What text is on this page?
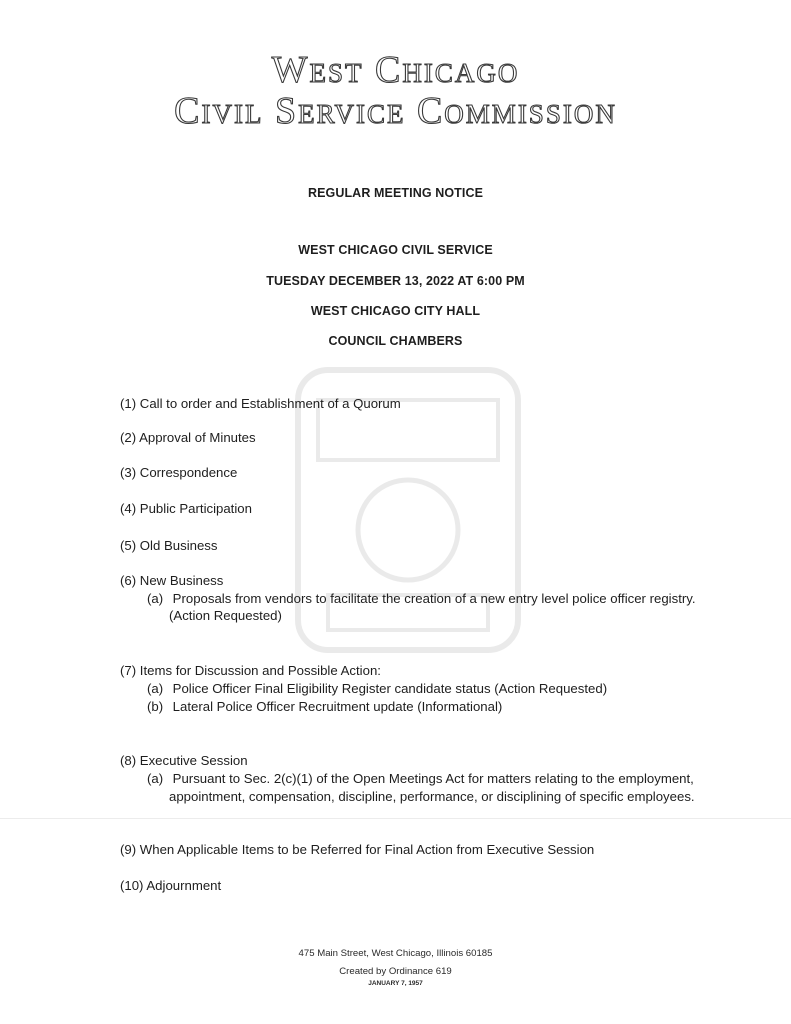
West Chicago
Civil Service Commission
REGULAR MEETING NOTICE
WEST CHICAGO CIVIL SERVICE
TUESDAY DECEMBER 13, 2022 AT 6:00 PM
WEST CHICAGO CITY HALL
COUNCIL CHAMBERS
(1) Call to order and Establishment of a Quorum
(2) Approval of Minutes
(3) Correspondence
(4) Public Participation
(5) Old Business
(6) New Business
(a) Proposals from vendors to facilitate the creation of a new entry level police officer registry.
(Action Requested)
(7) Items for Discussion and Possible Action:
(a) Police Officer Final Eligibility Register candidate status (Action Requested)
(b) Lateral Police Officer Recruitment update (Informational)
(8) Executive Session
(a) Pursuant to Sec. 2(c)(1) of the Open Meetings Act for matters relating to the employment,
appointment, compensation, discipline, performance, or disciplining of specific employees.
(9) When Applicable Items to be Referred for Final Action from Executive Session
(10) Adjournment
475 Main Street, West Chicago, Illinois 60185
Created by Ordinance 619
JANUARY 7, 1957
